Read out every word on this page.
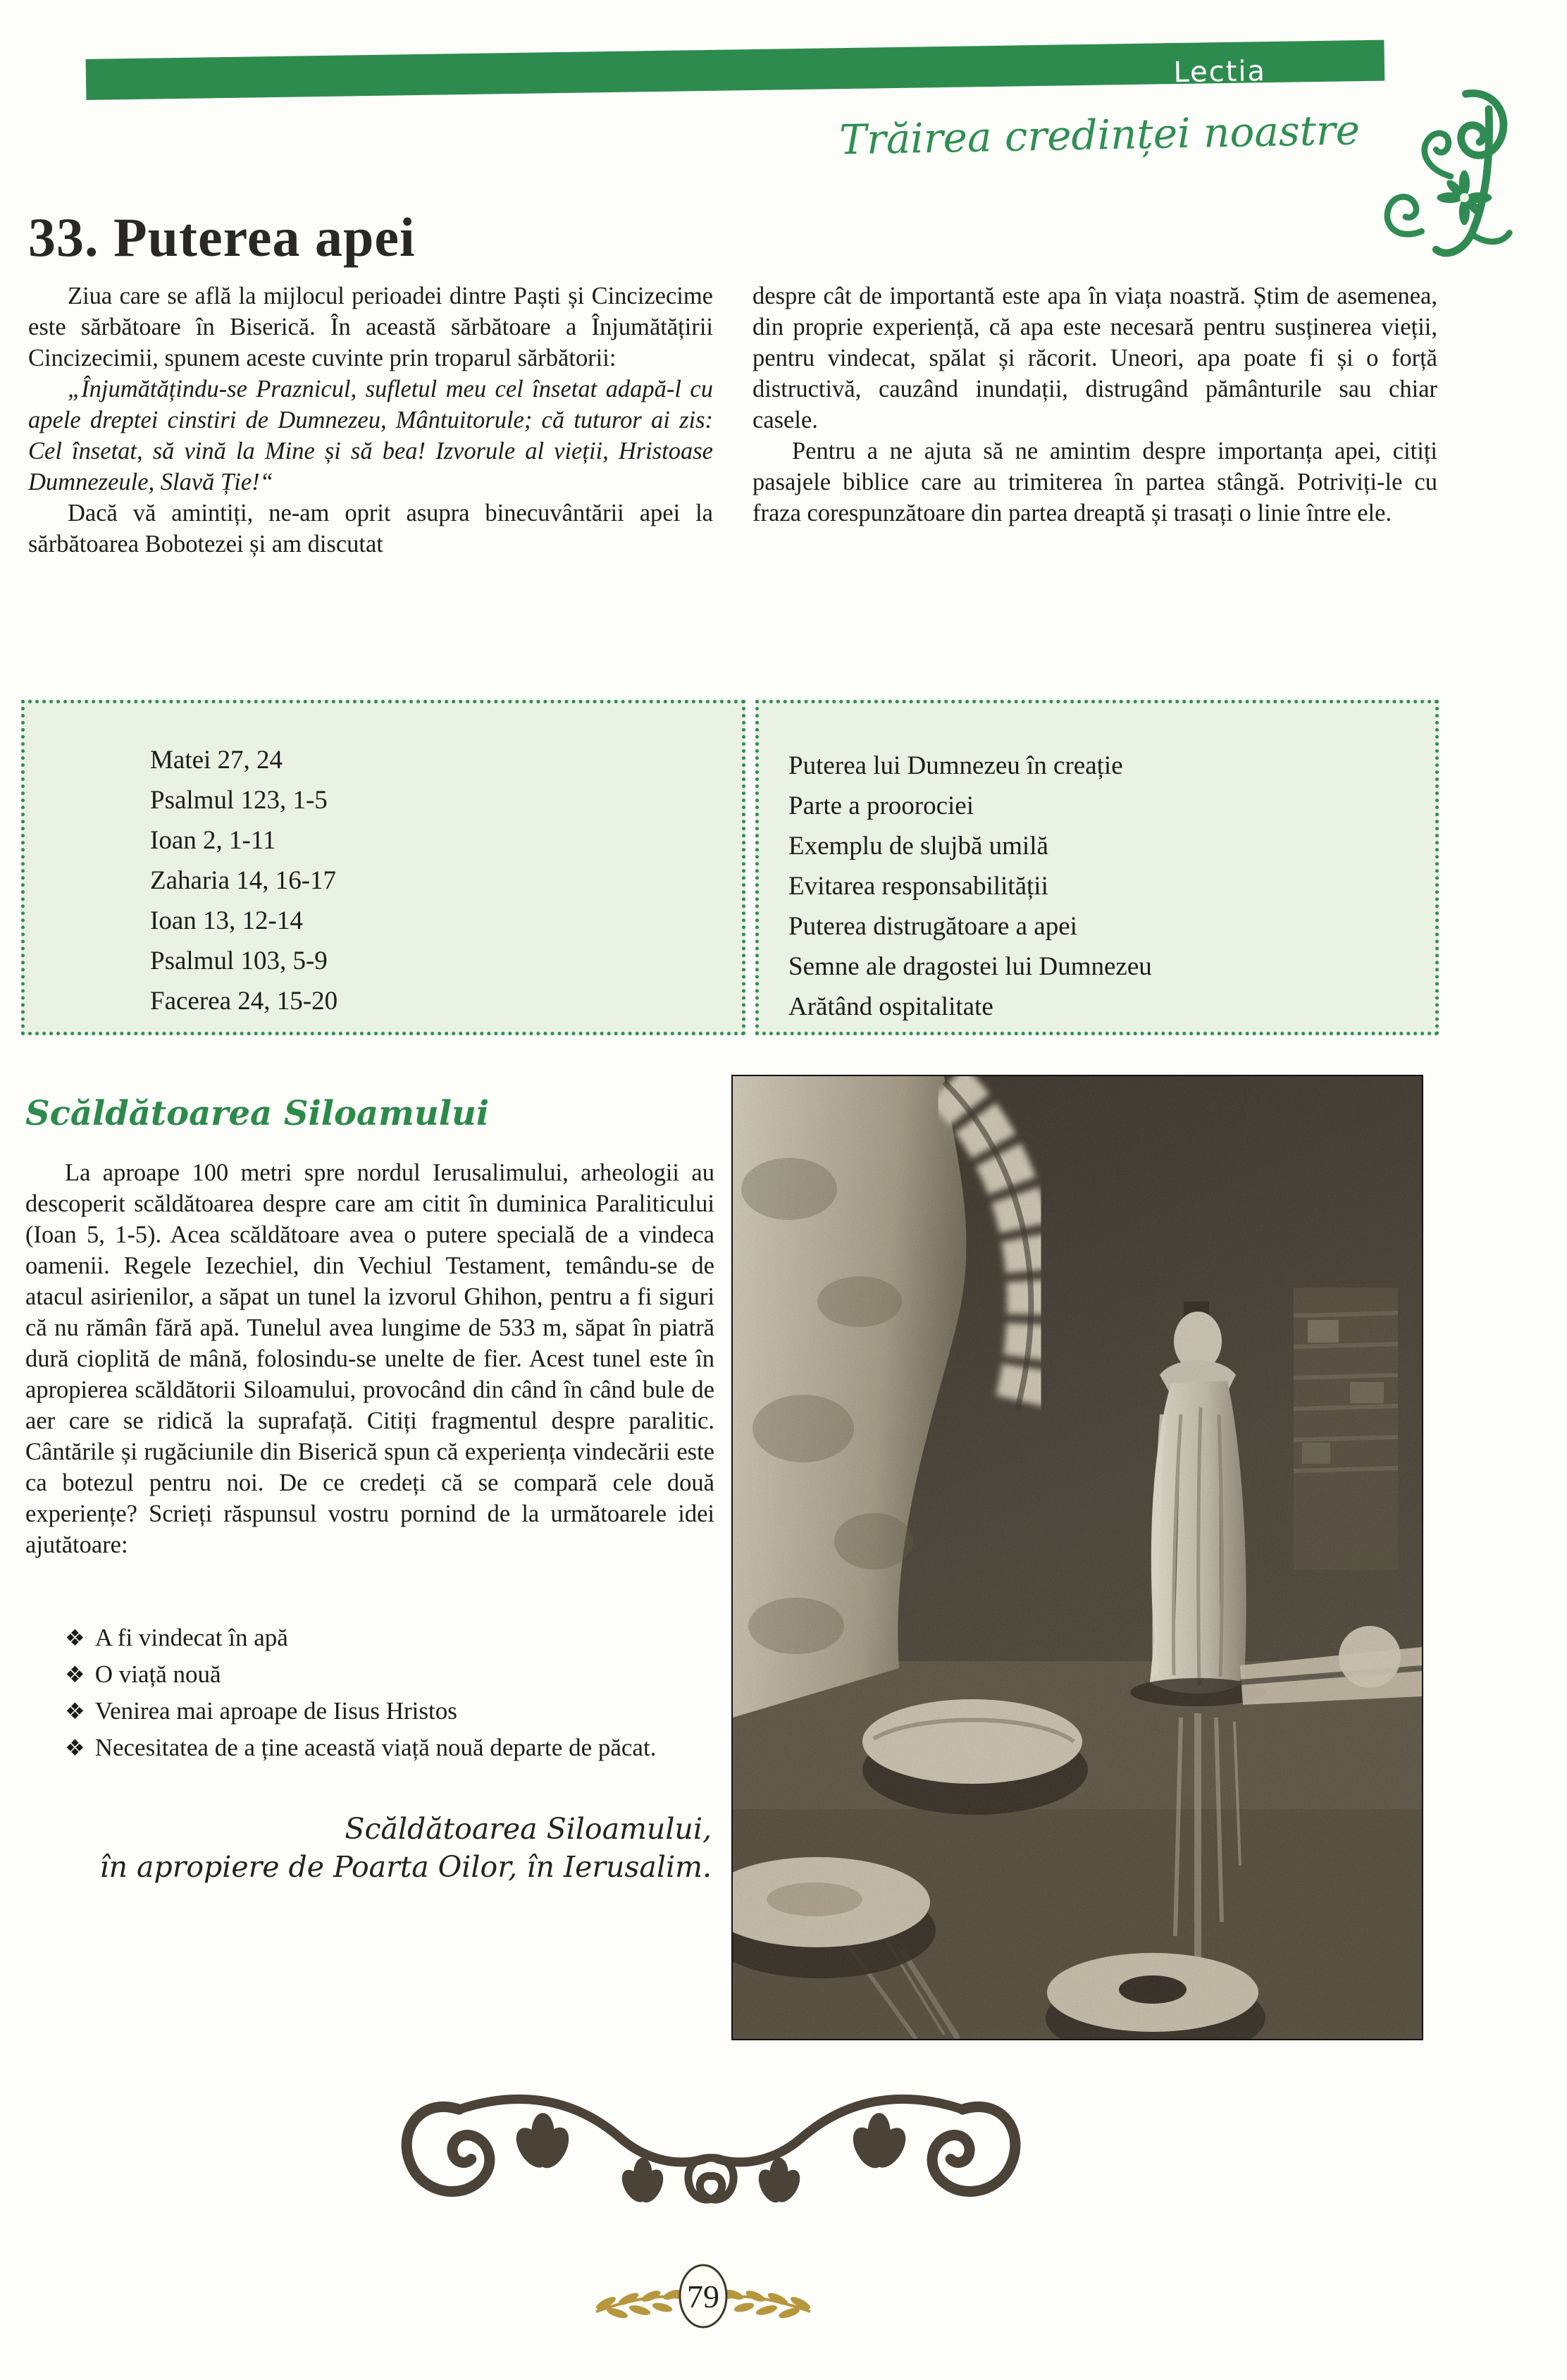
Lecția
Trăirea credinței noastre
33. Puterea apei

Ziua care se află la mijlocul perioadei dintre Paști și Cincizecime este sărbătoare în Biserică. În această sărbătoare a Înjumătățirii Cincizecimii, spunem aceste cuvinte prin troparul sărbătorii:

„Înjumătățindu-se Praznicul, sufletul meu cel însetat adapă-l cu apele dreptei cinstiri de Dumnezeu, Mântuitorule; că tuturor ai zis: Cel însetat, să vină la Mine și să bea! Izvorule al vieții, Hristoase Dumnezeule, Slavă Ție!“

Dacă vă amintiți, ne-am oprit asupra binecuvântării apei la sărbătoarea Bobotezei și am discutat

despre cât de importantă este apa în viața noastră. Știm de asemenea, din proprie experiență, că apa este necesară pentru susținerea vieții, pentru vindecat, spălat și răcorit. Uneori, apa poate fi și o forță distructivă, cauzând inundații, distrugând pământurile sau chiar casele.

Pentru a ne ajuta să ne amintim despre importanța apei, citiți pasajele biblice care au trimiterea în partea stângă. Potriviți-le cu fraza corespunzătoare din partea dreaptă și trasați o linie între ele.

Matei 27, 24
Psalmul 123, 1-5
Ioan 2, 1-11
Zaharia 14, 16-17
Ioan 13, 12-14
Psalmul 103, 5-9
Facerea 24, 15-20
Puterea lui Dumnezeu în creație
Parte a proorociei
Exemplu de slujbă umilă
Evitarea responsabilității
Puterea distrugătoare a apei
Semne ale dragostei lui Dumnezeu
Arătând ospitalitate
Scăldătoarea Siloamului

La aproape 100 metri spre nordul Ierusalimului, arheologii au descoperit scăldătoarea despre care am citit în duminica Paraliticului (Ioan 5, 1-5). Acea scăldătoare avea o putere specială de a vindeca oamenii. Regele Iezechiel, din Vechiul Testament, temându-se de atacul asirienilor, a săpat un tunel la izvorul Ghihon, pentru a fi siguri că nu rămân fără apă. Tunelul avea lungime de 533 m, săpat în piatră dură cioplită de mână, folosindu-se unelte de fier. Acest tunel este în apropierea scăldătorii Siloamului, provocând din când în când bule de aer care se ridică la suprafață. Citiți fragmentul despre paralitic. Cântările și rugăciunile din Biserică spun că experiența vindecării este ca botezul pentru noi. De ce credeți că se compară cele două experiențe? Scrieți răspunsul vostru pornind de la următoarele idei ajutătoare:

❖ A fi vindecat în apă
❖ O viață nouă
❖ Venirea mai aproape de Iisus Hristos
❖ Necesitatea de a ține această viață nouă departe de păcat.
Scăldătoarea Siloamului,
în apropiere de Poarta Oilor, în Ierusalim.
79
